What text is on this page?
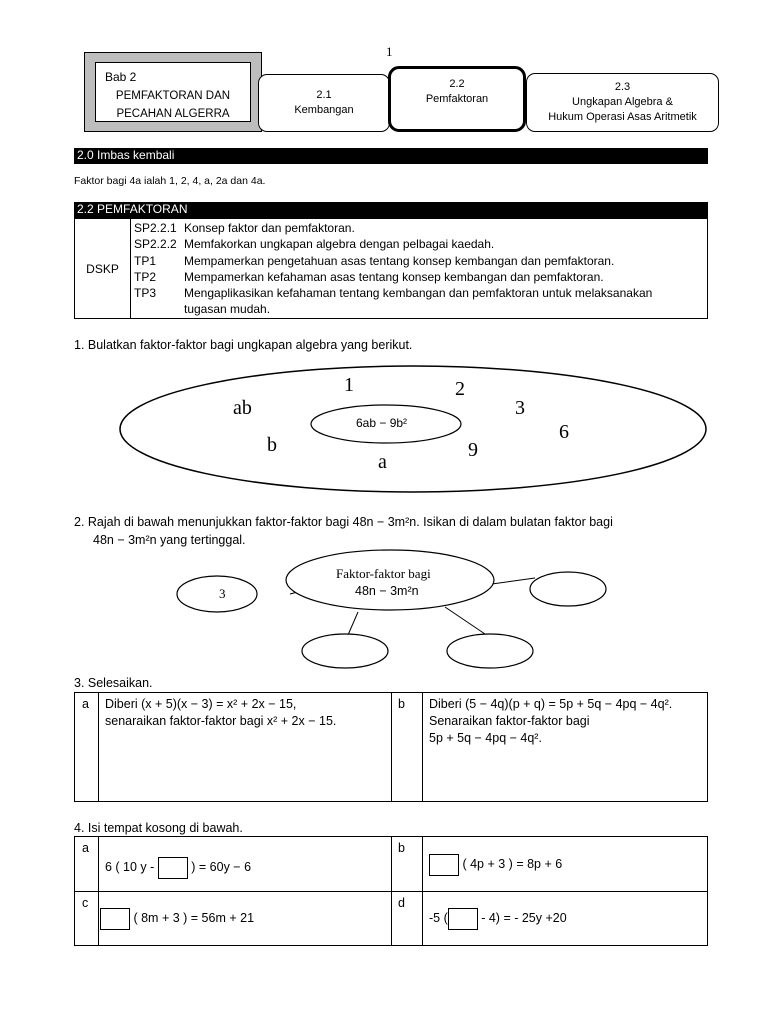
1
Bab 2
PEMFAKTORAN DAN
PECAHAN ALGERRA
2.1
Kembangan
2.2
Pemfaktoran
2.3
Ungkapan Algebra &
Hukum Operasi Asas Aritmetik
2.0 Imbas kembali
Faktor bagi 4a ialah 1, 2, 4, a, 2a dan 4a.
2.2 PEMFAKTORAN
DSKP
SP2.2.1 Konsep faktor dan pemfaktoran.
SP2.2.2 Memfakorkan ungkapan algebra dengan pelbagai kaedah.
TP1 Mempamerkan pengetahuan asas tentang konsep kembangan dan pemfaktoran.
TP2 Mempamerkan kefahaman asas tentang konsep kembangan dan pemfaktoran.
TP3 Mengaplikasikan kefahaman tentang kembangan dan pemfaktoran untuk melaksanakan
tugasan mudah.
1. Bulatkan faktor-faktor bagi ungkapan algebra yang berikut.
6ab − 9b²
ab
1	2
3
6
b	9
a
2. Rajah di bawah menunjukkan faktor-faktor bagi 48n − 3m²n. Isikan di dalam bulatan faktor bagi
48n − 3m²n yang tertinggal.
Faktor-faktor bagi
48n − 3m²n
3
3. Selesaikan.
a Diberi (x + 5)(x − 3) = x² + 2x − 15,
senaraikan faktor-faktor bagi x² + 2x − 15.
b Diberi (5 − 4q)(p + q) = 5p + 5q − 4pq − 4q².
Senaraikan faktor-faktor bagi
5p + 5q − 4pq − 4q².
4. Isi tempat kosong di bawah.
a
6 ( 10 y -  ) = 60y − 6
b
( 4p + 3 ) = 8p + 6
c
( 8m + 3 ) = 56m + 21
d
-5 ( - 4) = - 25y +20
